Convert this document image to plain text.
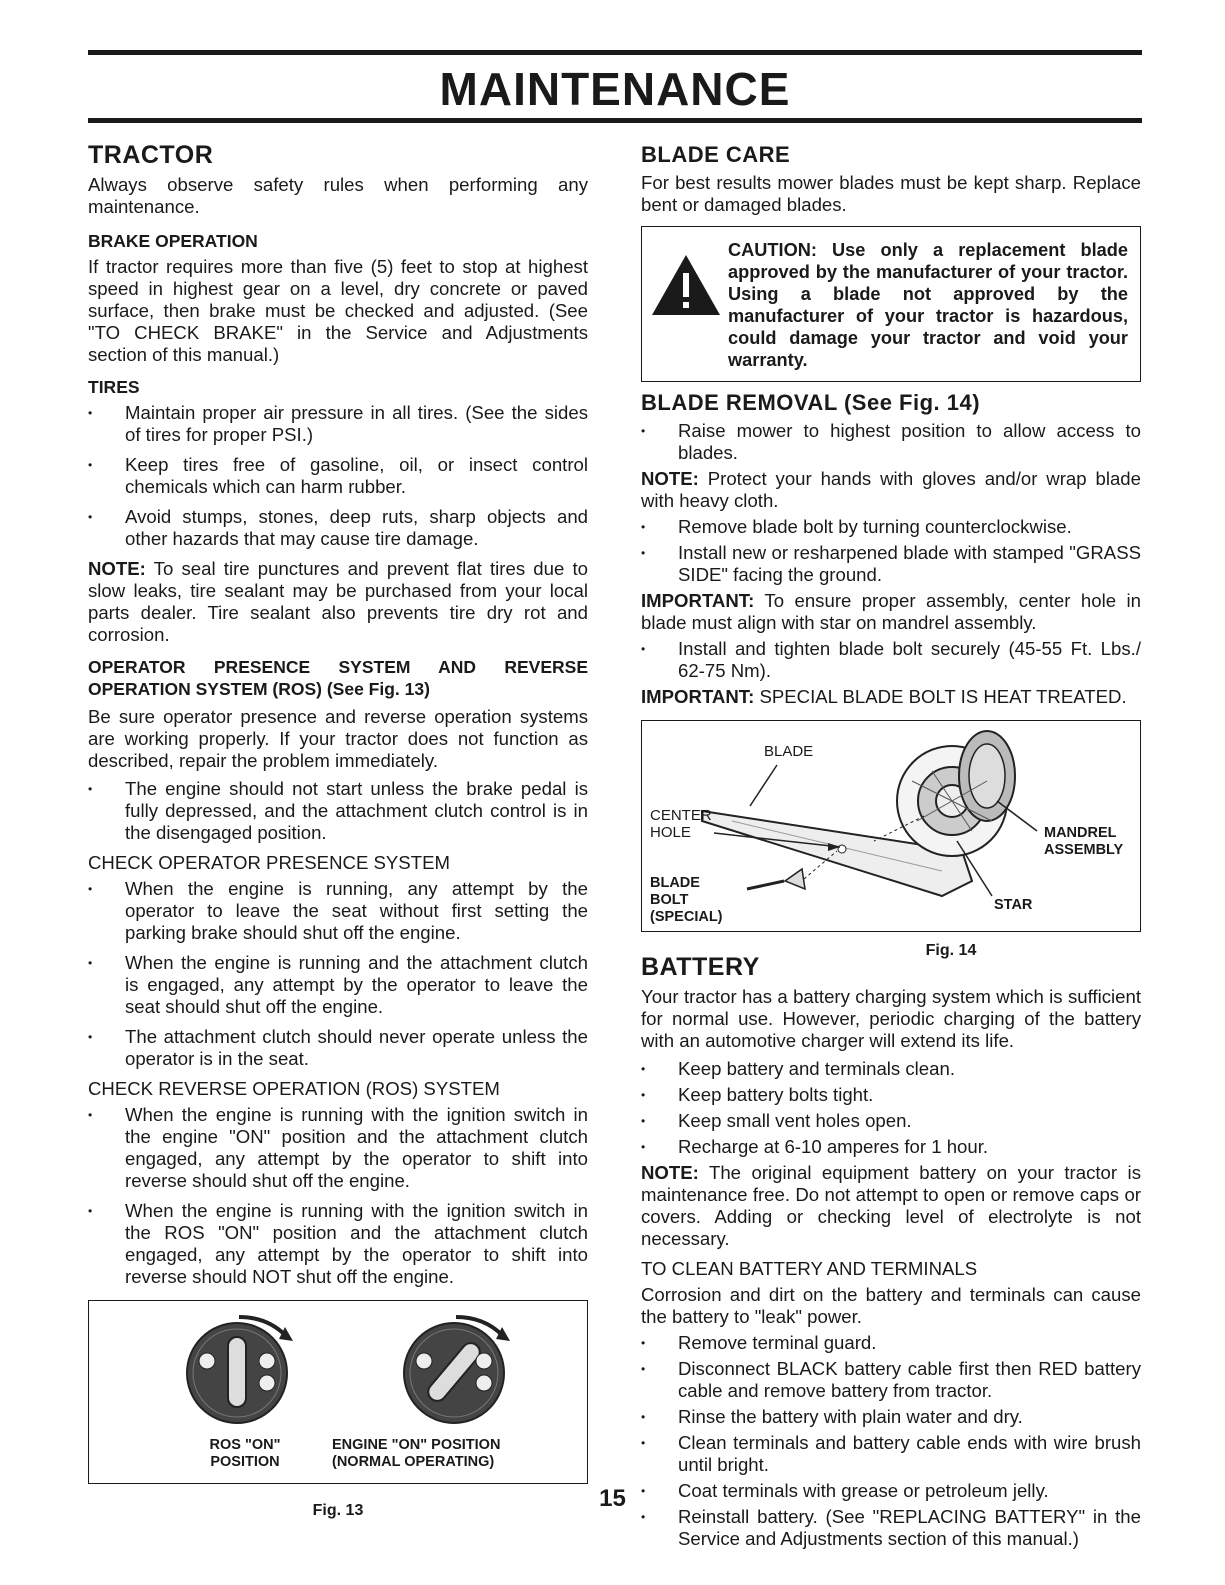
MAINTENANCE
TRACTOR

Always observe safety rules when performing any maintenance.

BRAKE OPERATION

If tractor requires more than five (5) feet to stop at highest speed in highest gear on a level, dry concrete or paved surface, then brake must be checked and adjusted. (See "TO CHECK BRAKE" in the Service and Adjustments section of this manual.)

TIRES
• Maintain proper air pressure in all tires. (See the sides of tires for proper PSI.)
• Keep tires free of gasoline, oil, or insect control chemicals which can harm rubber.
• Avoid stumps, stones, deep ruts, sharp objects and other hazards that may cause tire damage.

NOTE: To seal tire punctures and prevent flat tires due to slow leaks, tire sealant may be purchased from your local parts dealer. Tire sealant also prevents tire dry rot and corrosion.

OPERATOR PRESENCE SYSTEM AND REVERSE OPERATION SYSTEM (ROS) (See Fig. 13)

Be sure operator presence and reverse operation systems are working properly. If your tractor does not function as described, repair the problem immediately.

• The engine should not start unless the brake pedal is fully depressed, and the attachment clutch control is in the disengaged position.
CHECK OPERATOR PRESENCE SYSTEM
• When the engine is running, any attempt by the operator to leave the seat without first setting the parking brake should shut off the engine.
• When the engine is running and the attachment clutch is engaged, any attempt by the operator to leave the seat should shut off the engine.
• The attachment clutch should never operate unless the operator is in the seat.
CHECK REVERSE OPERATION (ROS) SYSTEM
• When the engine is running with the ignition switch in the engine "ON" position and the attachment clutch engaged, any attempt by the operator to shift into reverse should shut off the engine.
• When the engine is running with the ignition switch in the ROS "ON" position and the attachment clutch engaged, any attempt by the operator to shift into reverse should NOT shut off the engine.
ROS "ON"
POSITION
ENGINE "ON" POSITION
(NORMAL OPERATING)
Fig. 13
BLADE CARE

For best results mower blades must be kept sharp. Replace bent or damaged blades.

CAUTION: Use only a replacement blade approved by the manufacturer of your tractor. Using a blade not approved by the manufacturer of your tractor is hazardous, could damage your tractor and void your warranty.
BLADE REMOVAL (See Fig. 14)
• Raise mower to highest position to allow access to blades.

NOTE: Protect your hands with gloves and/or wrap blade with heavy cloth.

• Remove blade bolt by turning counterclockwise.
• Install new or resharpened blade with stamped "GRASS SIDE" facing the ground.

IMPORTANT: To ensure proper assembly, center hole in blade must align with star on mandrel assembly.

• Install and tighten blade bolt securely (45-55 Ft. Lbs./ 62-75 Nm).

IMPORTANT: SPECIAL BLADE BOLT IS HEAT TREATED.

BLADE
CENTER
HOLE
BLADE
BOLT
(SPECIAL)
MANDREL
ASSEMBLY
STAR
Fig. 14
BATTERY

Your tractor has a battery charging system which is sufficient for normal use. However, periodic charging of the battery with an automotive charger will extend its life.

• Keep battery and terminals clean.
• Keep battery bolts tight.
• Keep small vent holes open.
• Recharge at 6-10 amperes for 1 hour.

NOTE: The original equipment battery on your tractor is maintenance free. Do not attempt to open or remove caps or covers. Adding or checking level of electrolyte is not necessary.

TO CLEAN BATTERY AND TERMINALS

Corrosion and dirt on the battery and terminals can cause the battery to "leak" power.

• Remove terminal guard.
• Disconnect BLACK battery cable first then RED battery cable and remove battery from tractor.
• Rinse the battery with plain water and dry.
• Clean terminals and battery cable ends with wire brush until bright.
• Coat terminals with grease or petroleum jelly.
• Reinstall battery. (See "REPLACING BATTERY" in the Service and Adjustments section of this manual.)
15
